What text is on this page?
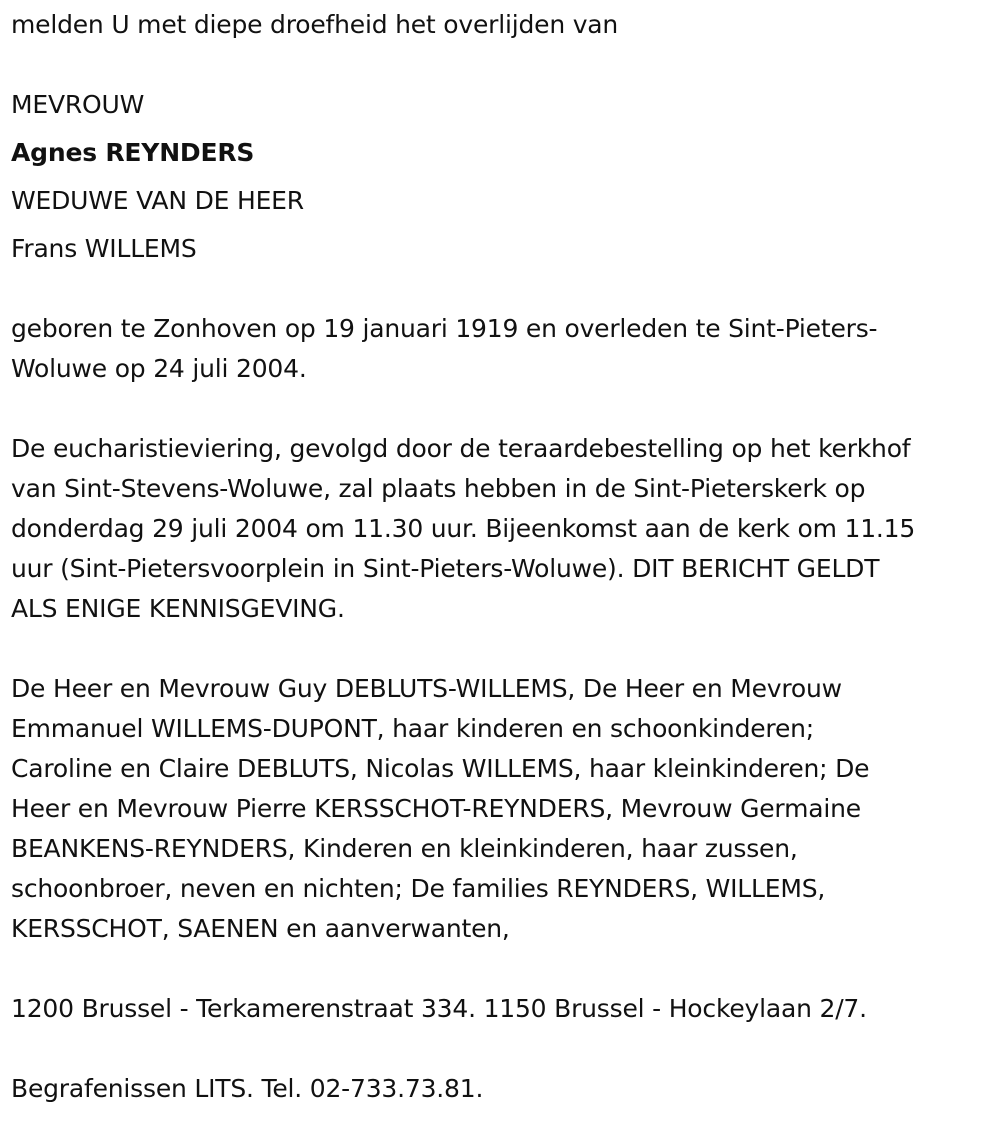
melden U met diepe droefheid het overlijden van
MEVROUW
Agnes REYNDERS
WEDUWE VAN DE HEER
Frans WILLEMS
geboren te Zonhoven op 19 januari 1919 en overleden te Sint-Pieters-
Woluwe op 24 juli 2004.
De eucharistieviering, gevolgd door de teraardebestelling op het kerkhof
van Sint-Stevens-Woluwe, zal plaats hebben in de Sint-Pieterskerk op
donderdag 29 juli 2004 om 11.30 uur. Bijeenkomst aan de kerk om 11.15
uur (Sint-Pietersvoorplein in Sint-Pieters-Woluwe). DIT BERICHT GELDT
ALS ENIGE KENNISGEVING.
De Heer en Mevrouw Guy DEBLUTS-WILLEMS, De Heer en Mevrouw
Emmanuel WILLEMS-DUPONT, haar kinderen en schoonkinderen;
Caroline en Claire DEBLUTS, Nicolas WILLEMS, haar kleinkinderen; De
Heer en Mevrouw Pierre KERSSCHOT-REYNDERS, Mevrouw Germaine
BEANKENS-REYNDERS, Kinderen en kleinkinderen, haar zussen,
schoonbroer, neven en nichten; De families REYNDERS, WILLEMS,
KERSSCHOT, SAENEN en aanverwanten,
1200 Brussel - Terkamerenstraat 334. 1150 Brussel - Hockeylaan 2/7.
Begrafenissen LITS. Tel. 02-733.73.81.
